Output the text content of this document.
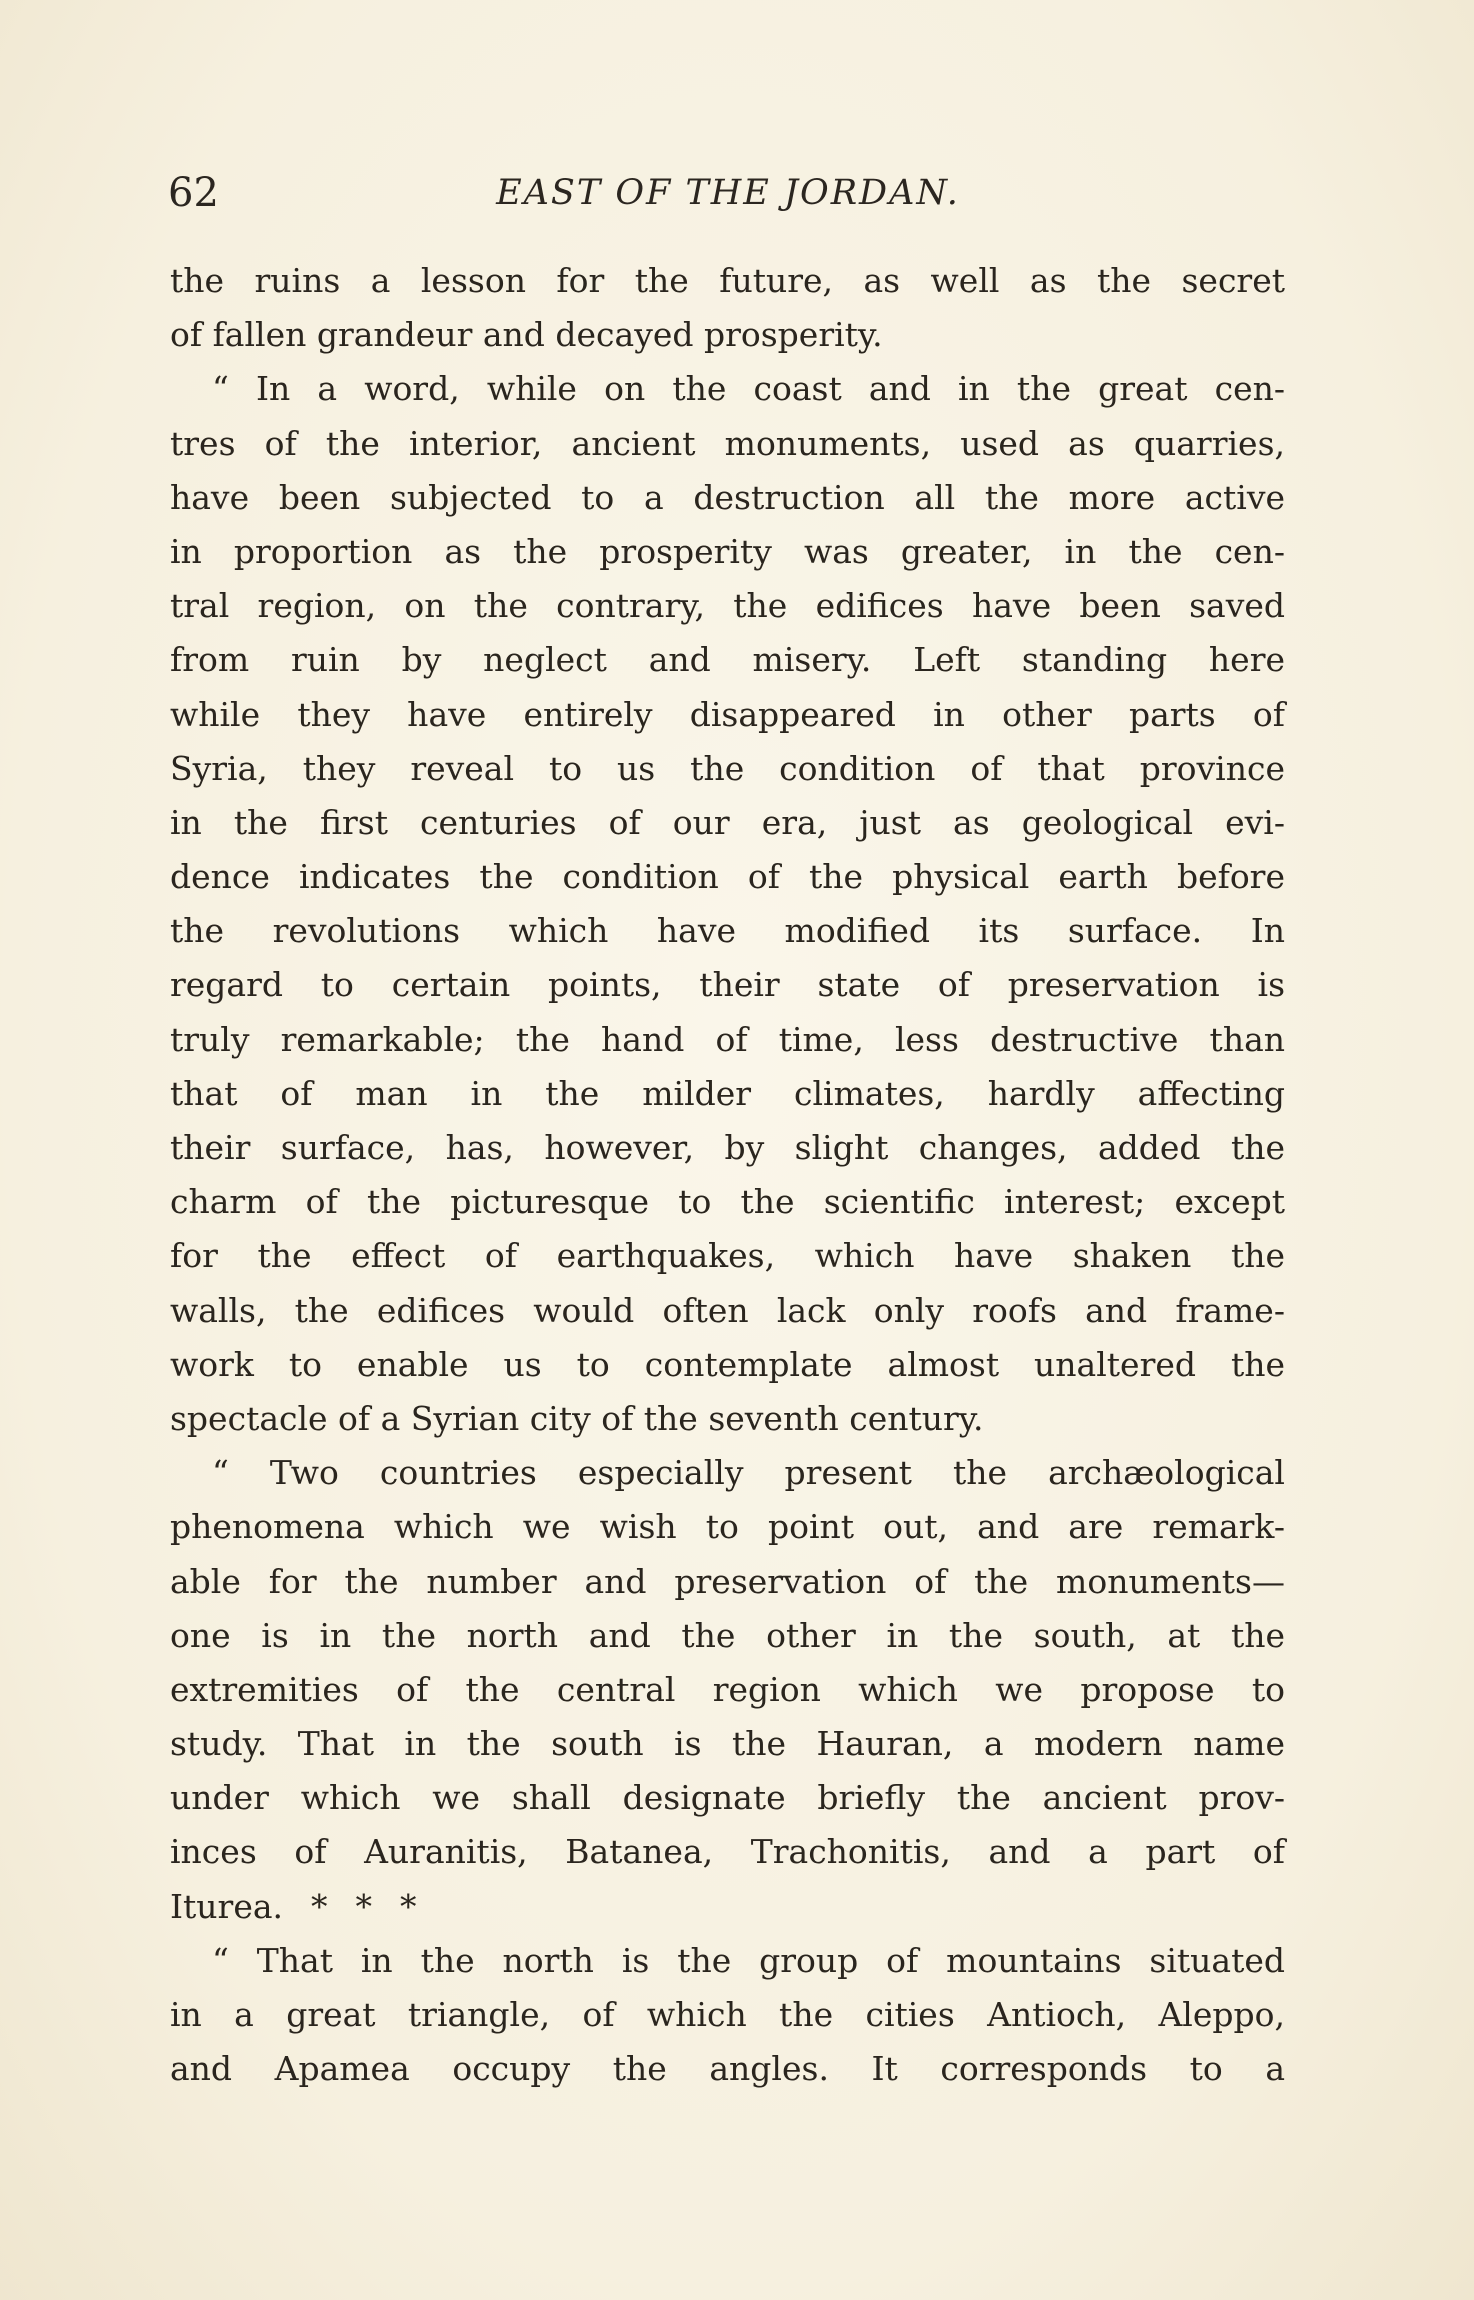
62	EAST OF THE JORDAN.
the ruins a lesson for the future, as well as the secret
of fallen grandeur and decayed prosperity.
“ In a word, while on the coast and in the great cen-
tres of the interior, ancient monuments, used as quarries,
have been subjected to a destruction all the more active
in proportion as the prosperity was greater, in the cen-
tral region, on the contrary, the edifices have been saved
from ruin by neglect and misery. Left standing here
while they have entirely disappeared in other parts of
Syria, they reveal to us the condition of that province
in the first centuries of our era, just as geological evi-
dence indicates the condition of the physical earth before
the revolutions which have modified its surface. In
regard to certain points, their state of preservation is
truly remarkable; the hand of time, less destructive than
that of man in the milder climates, hardly affecting
their surface, has, however, by slight changes, added the
charm of the picturesque to the scientific interest; except
for the effect of earthquakes, which have shaken the
walls, the edifices would often lack only roofs and frame-
work to enable us to contemplate almost unaltered the
spectacle of a Syrian city of the seventh century.
“ Two countries especially present the archæological
phenomena which we wish to point out, and are remark-
able for the number and preservation of the monuments—
one is in the north and the other in the south, at the
extremities of the central region which we propose to
study. That in the south is the Hauran, a modern name
under which we shall designate briefly the ancient prov-
inces of Auranitis, Batanea, Trachonitis, and a part of
Iturea. * * *
“ That in the north is the group of mountains situated
in a great triangle, of which the cities Antioch, Aleppo,
and Apamea occupy the angles. It corresponds to a
